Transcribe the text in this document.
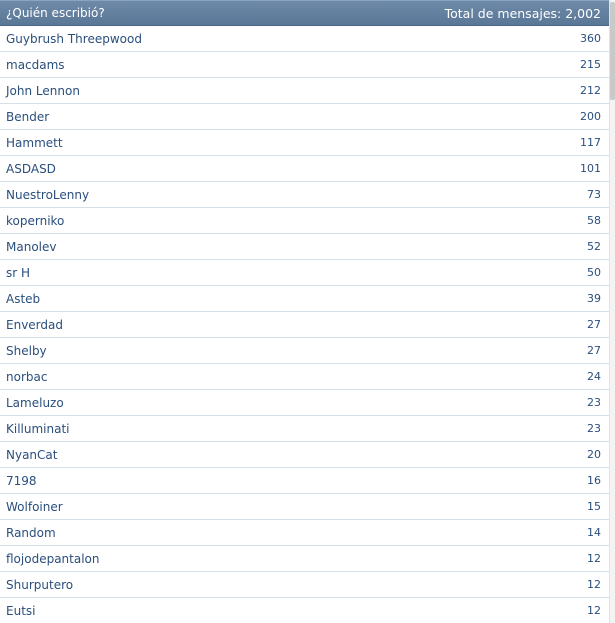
¿Quién escribió?	Total de mensajes: 2,002
Guybrush Threepwood	360
macdams	215
John Lennon	212
Bender	200
Hammett	117
ASDASD	101
NuestroLenny	73
koperniko	58
Manolev	52
sr H	50
Asteb	39
Enverdad	27
Shelby	27
norbac	24
Lameluzo	23
Killuminati	23
NyanCat	20
7198	16
Wolfoiner	15
Random	14
flojodepantalon	12
Shurputero	12
Eutsi	12
